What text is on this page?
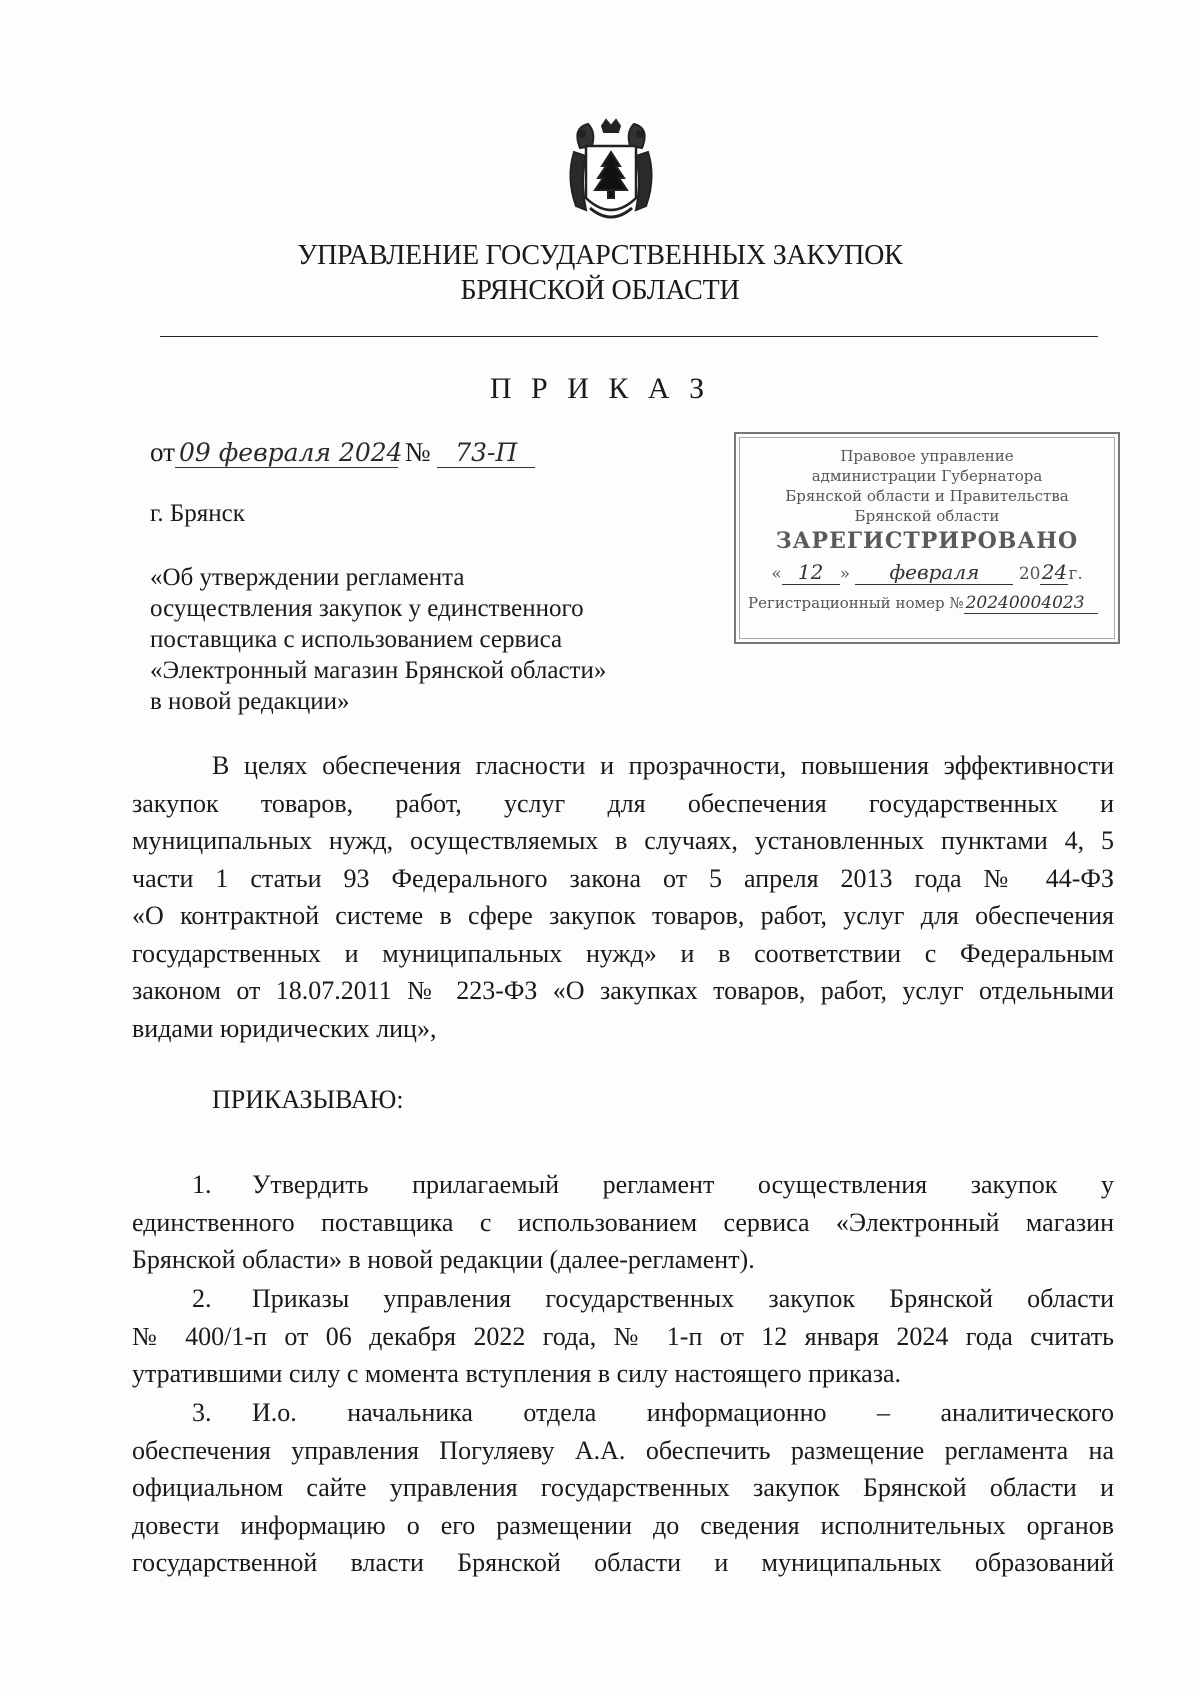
УПРАВЛЕНИЕ ГОСУДАРСТВЕННЫХ ЗАКУПОК
БРЯНСКОЙ ОБЛАСТИ
П Р И К А З
от 09 февраля 2024 № 73-П
г. Брянск
«Об утверждении регламента
осуществления закупок у единственного
поставщика с использованием сервиса
«Электронный магазин Брянской области»
в новой редакции»
Правовое управление
администрации Губернатора
Брянской области и Правительства
Брянской области
ЗАРЕГИСТРИРОВАНО
« 12 » февраля 2024г.
Регистрационный номер № 20240004023

В целях обеспечения гласности и прозрачности, повышения эффективности

закупок товаров, работ, услуг для обеспечения государственных и

муниципальных нужд, осуществляемых в случаях, установленных пунктами 4, 5

части 1 статьи 93 Федерального закона от 5 апреля 2013 года № 44-ФЗ

«О контрактной системе в сфере закупок товаров, работ, услуг для обеспечения

государственных и муниципальных нужд» и в соответствии с Федеральным

законом от 18.07.2011 № 223-ФЗ «О закупках товаров, работ, услуг отдельными

видами юридических лиц»,

ПРИКАЗЫВАЮ:

1. Утвердить прилагаемый регламент осуществления закупок у

единственного поставщика с использованием сервиса «Электронный магазин

Брянской области» в новой редакции (далее-регламент).

2. Приказы управления государственных закупок Брянской области

№ 400/1-п от 06 декабря 2022 года, № 1-п от 12 января 2024 года считать

утратившими силу с момента вступления в силу настоящего приказа.

3. И.о. начальника отдела информационно – аналитического

обеспечения управления Погуляеву А.А. обеспечить размещение регламента на

официальном сайте управления государственных закупок Брянской области и

довести информацию о его размещении до сведения исполнительных органов

государственной власти Брянской области и муниципальных образований
